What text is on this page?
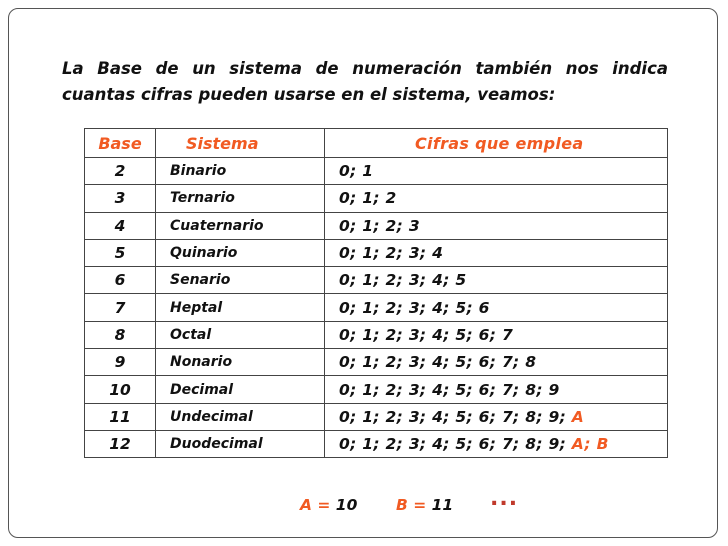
La Base de un sistema de numeración también nos indica cuantas cifras pueden usarse en el sistema, veamos:
Base	Sistema	Cifras que emplea
2	Binario	0; 1
3	Ternario	0; 1; 2
4	Cuaternario	0; 1; 2; 3
5	Quinario	0; 1; 2; 3; 4
6	Senario	0; 1; 2; 3; 4; 5
7	Heptal	0; 1; 2; 3; 4; 5; 6
8	Octal	0; 1; 2; 3; 4; 5; 6; 7
9	Nonario	0; 1; 2; 3; 4; 5; 6; 7; 8
10	Decimal	0; 1; 2; 3; 4; 5; 6; 7; 8; 9
11	Undecimal	0; 1; 2; 3; 4; 5; 6; 7; 8; 9; A
12	Duodecimal	0; 1; 2; 3; 4; 5; 6; 7; 8; 9; A; B
A = 10 B = 11 ...
